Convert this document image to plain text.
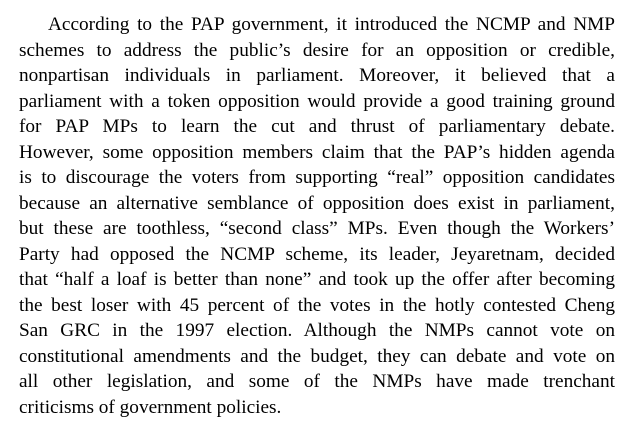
According to the PAP government, it introduced the NCMP and NMP
schemes to address the public’s desire for an opposition or credible,
nonpartisan individuals in parliament. Moreover, it believed that a
parliament with a token opposition would provide a good training ground
for PAP MPs to learn the cut and thrust of parliamentary debate.
However, some opposition members claim that the PAP’s hidden agenda
is to discourage the voters from supporting “real” opposition candidates
because an alternative semblance of opposition does exist in parliament,
but these are toothless, “second class” MPs. Even though the Workers’
Party had opposed the NCMP scheme, its leader, Jeyaretnam, decided
that “half a loaf is better than none” and took up the offer after becoming
the best loser with 45 percent of the votes in the hotly contested Cheng
San GRC in the 1997 election. Although the NMPs cannot vote on
constitutional amendments and the budget, they can debate and vote on
all other legislation, and some of the NMPs have made trenchant
criticisms of government policies.
